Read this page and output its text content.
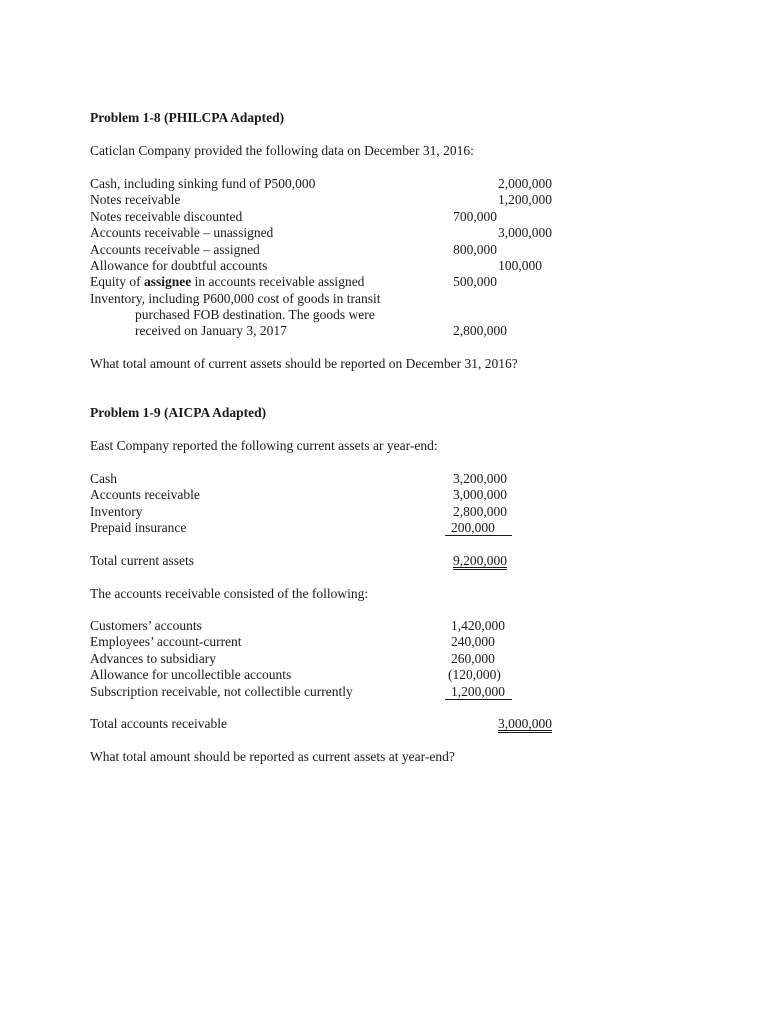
Problem 1-8 (PHILCPA Adapted)
Caticlan Company provided the following data on December 31, 2016:
Cash, including sinking fund of P500,000	2,000,000
Notes receivable	1,200,000
Notes receivable discounted	700,000
Accounts receivable – unassigned	3,000,000
Accounts receivable – assigned	800,000
Allowance for doubtful accounts	100,000
Equity of assignee in accounts receivable assigned	500,000
Inventory, including P600,000 cost of goods in transit
purchased FOB destination. The goods were
received on January 3, 2017	2,800,000
What total amount of current assets should be reported on December 31, 2016?
Problem 1-9 (AICPA Adapted)
East Company reported the following current assets ar year-end:
Cash	3,200,000
Accounts receivable	3,000,000
Inventory	2,800,000
Prepaid insurance	200,000
Total current assets	9,200,000
The accounts receivable consisted of the following:
Customers’ accounts	1,420,000
Employees’ account-current	240,000
Advances to subsidiary	260,000
Allowance for uncollectible accounts	(120,000)
Subscription receivable, not collectible currently	1,200,000
Total accounts receivable	3,000,000
What total amount should be reported as current assets at year-end?
